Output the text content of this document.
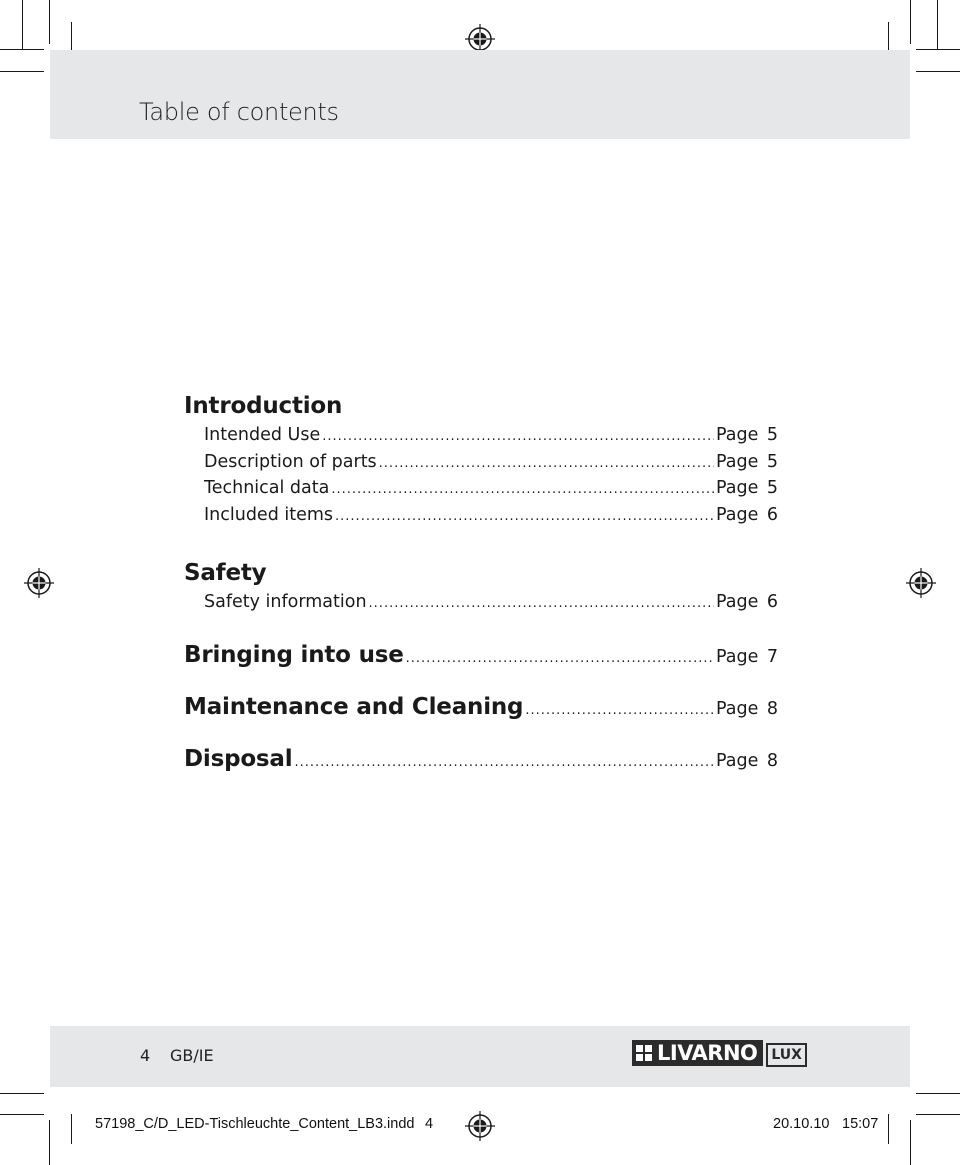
Table of contents
Introduction
Intended Use .....	Page 5
Description of parts .....	Page 5
Technical data .....	Page 5
Included items .....	Page 6
Safety
Safety information .....	Page 6
Bringing into use .....	Page 7
Maintenance and Cleaning .....	Page 8
Disposal .....	Page 8
4 GB/IE	LIVARNO	LUX
57198_C/D_LED-Tischleuchte_Content_LB3.indd 4	20.10.10 15:07
